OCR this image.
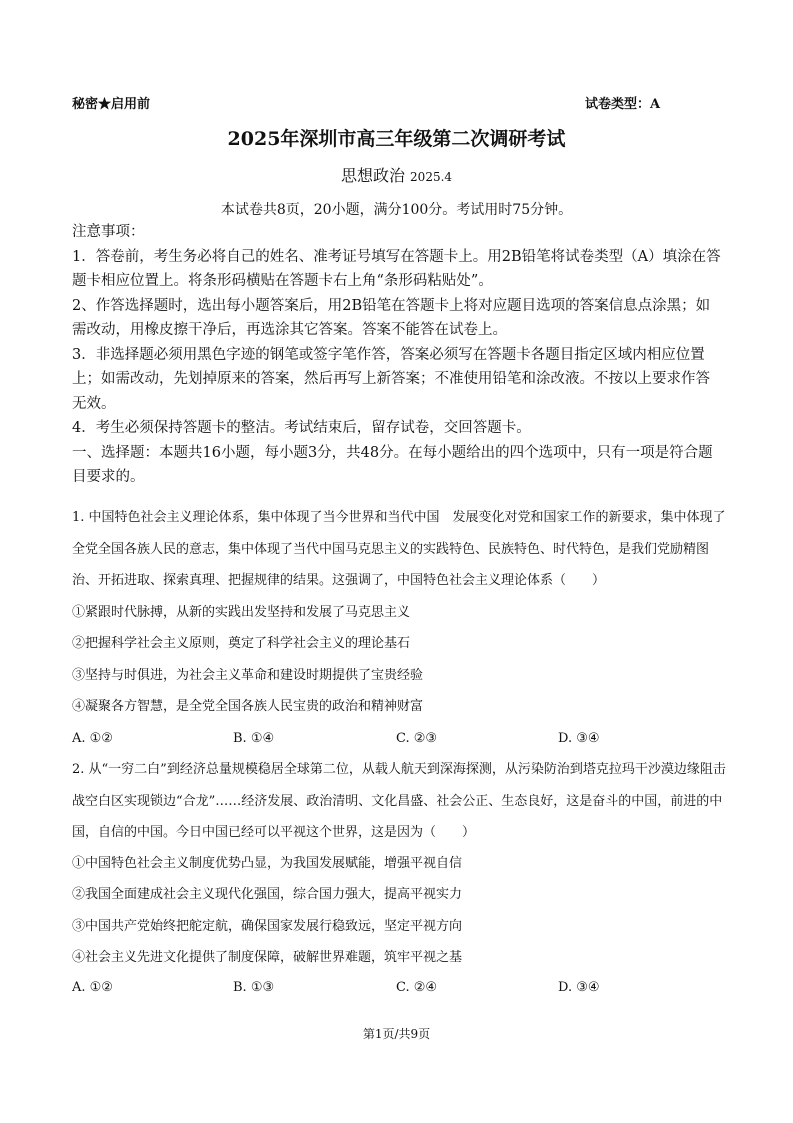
秘密★启用前	试卷类型：A
2025年深圳市高三年级第二次调研考试
思想政治 2025.4
本试卷共8页，20小题，满分100分。考试用时75分钟。
注意事项：
1．答卷前，考生务必将自己的姓名、准考证号填写在答题卡上。用2B铅笔将试卷类型（A）填涂在答题卡相应位置上。将条形码横贴在答题卡右上角“条形码粘贴处”。
2、作答选择题时，选出每小题答案后，用2B铅笔在答题卡上将对应题目选项的答案信息点涂黑；如需改动，用橡皮擦干净后，再选涂其它答案。答案不能答在试卷上。
3．非选择题必须用黑色字迹的钢笔或签字笔作答，答案必须写在答题卡各题目指定区域内相应位置上；如需改动，先划掉原来的答案，然后再写上新答案；不准使用铅笔和涂改液。不按以上要求作答无效。
4．考生必须保持答题卡的整洁。考试结束后，留存试卷，交回答题卡。
一、选择题：本题共16小题，每小题3分，共48分。在每小题给出的四个选项中，只有一项是符合题目要求的。
1. 中国特色社会主义理论体系，集中体现了当今世界和当代中国　发展变化对党和国家工作的新要求，集中体现了全党全国各族人民的意志，集中体现了当代中国马克思主义的实践特色、民族特色、时代特色，是我们党励精图治、开拓进取、探索真理、把握规律的结果。这强调了，中国特色社会主义理论体系（　　）
①紧跟时代脉搏，从新的实践出发坚持和发展了马克思主义
②把握科学社会主义原则，奠定了科学社会主义的理论基石
③坚持与时俱进，为社会主义革命和建设时期提供了宝贵经验
④凝聚各方智慧，是全党全国各族人民宝贵的政治和精神财富
A. ①②	B. ①④	C. ②③	D. ③④
2. 从“一穷二白”到经济总量规模稳居全球第二位，从载人航天到深海探测，从污染防治到塔克拉玛干沙漠边缘阻击战空白区实现锁边“合龙”……经济发展、政治清明、文化昌盛、社会公正、生态良好，这是奋斗的中国，前进的中国，自信的中国。今日中国已经可以平视这个世界，这是因为（　　）
①中国特色社会主义制度优势凸显，为我国发展赋能，增强平视自信
②我国全面建成社会主义现代化强国，综合国力强大，提高平视实力
③中国共产党始终把舵定航，确保国家发展行稳致远，坚定平视方向
④社会主义先进文化提供了制度保障，破解世界难题，筑牢平视之基
A. ①②	B. ①③	C. ②④	D. ③④
第1页/共9页
